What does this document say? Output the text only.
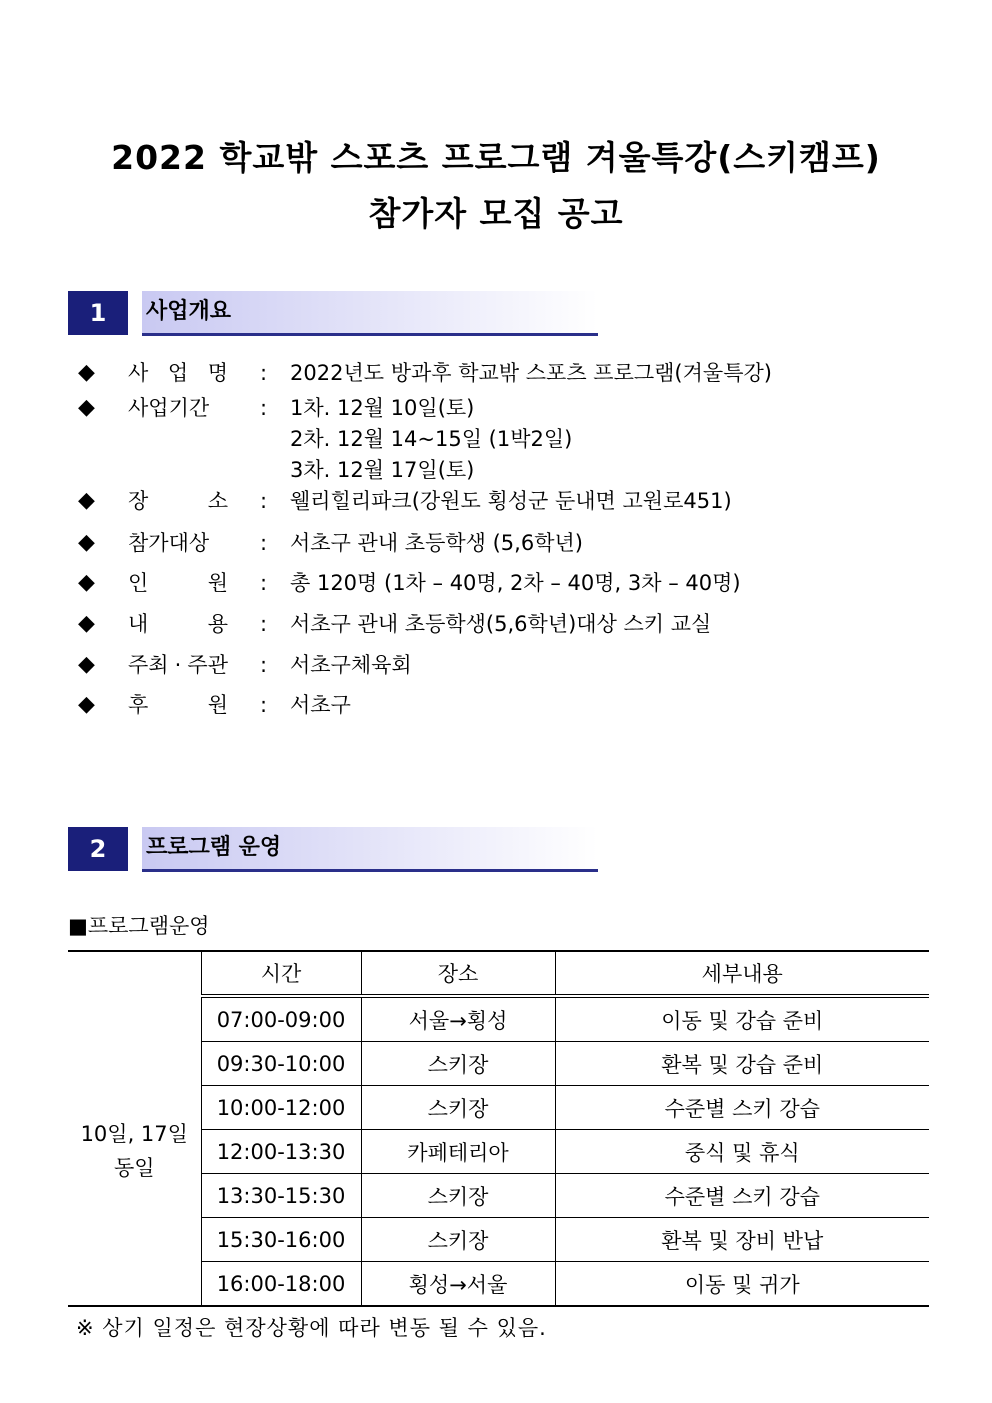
2022 학교밖 스포츠 프로그램 겨울특강(스키캠프)
참가자 모집 공고
1	사업개요
◆ 사 업 명 : 2022년도 방과후 학교밖 스포츠 프로그램(겨울특강)
◆ 사업기간	: 1차. 12월 10일(토)
2차. 12월 14~15일 (1박2일)
3차. 12월 17일(토)
◆ 장	소 : 웰리힐리파크(강원도 횡성군 둔내면 고원로451)
◆ 참가대상	: 서초구 관내 초등학생 (5,6학년)
◆ 인	원 : 총 120명 (1차 – 40명, 2차 – 40명, 3차 – 40명)
◆ 내	용 : 서초구 관내 초등학생(5,6학년)대상 스키 교실
◆ 주최 · 주관 : 서초구체육회
◆ 후	원 : 서초구
2	프로그램 운영
■프로그램운영
	시간	장소	세부내용

10일, 17일
동일	07:00-09:00	서울→횡성	이동 및 강습 준비
	09:30-10:00	스키장	환복 및 강습 준비
	10:00-12:00	스키장	수준별 스키 강습
	12:00-13:30	카페테리아	중식 및 휴식
	13:30-15:30	스키장	수준별 스키 강습
	15:30-16:00	스키장	환복 및 장비 반납
	16:00-18:00	횡성→서울	이동 및 귀가
※ 상기 일정은 현장상황에 따라 변동 될 수 있음.
